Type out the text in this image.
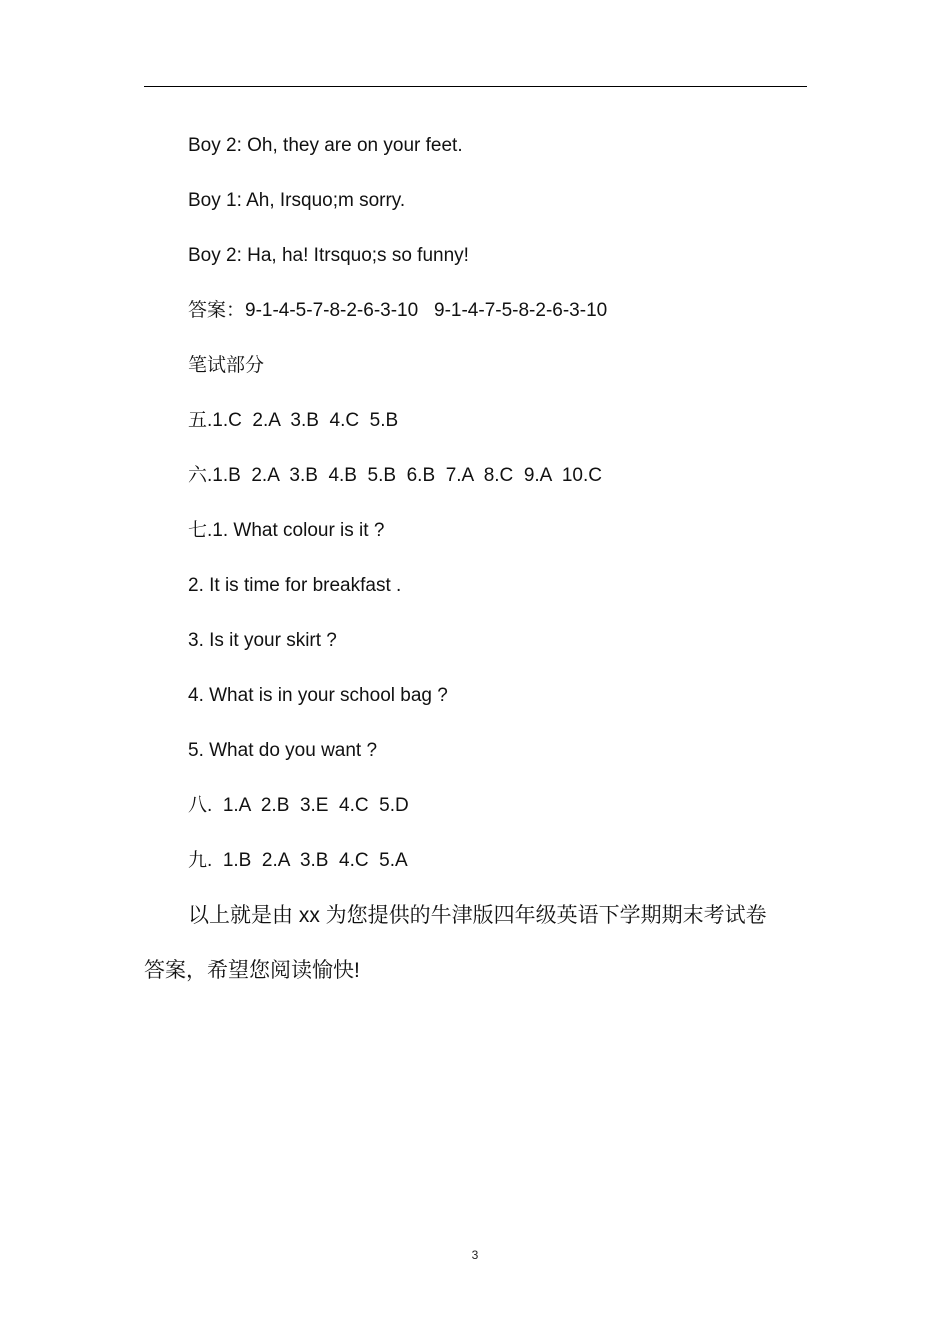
Boy 2: Oh, they are on your feet.
Boy 1: Ah, Irsquo;m sorry.
Boy 2: Ha, ha! Itrsquo;s so funny!
答案：9-1-4-5-7-8-2-6-3-10   9-1-4-7-5-8-2-6-3-10
笔试部分
五.1.C  2.A  3.B  4.C  5.B
六.1.B  2.A  3.B  4.B  5.B  6.B  7.A  8.C  9.A  10.C
七.1. What colour is it ?
2. It is time for breakfast .
3. Is it your skirt ?
4. What is in your school bag ?
5. What do you want ?
八.  1.A  2.B  3.E  4.C  5.D
九.  1.B  2.A  3.B  4.C  5.A
以上就是由 xx 为您提供的牛津版四年级英语下学期期末考试卷
答案，希望您阅读愉快!
3
